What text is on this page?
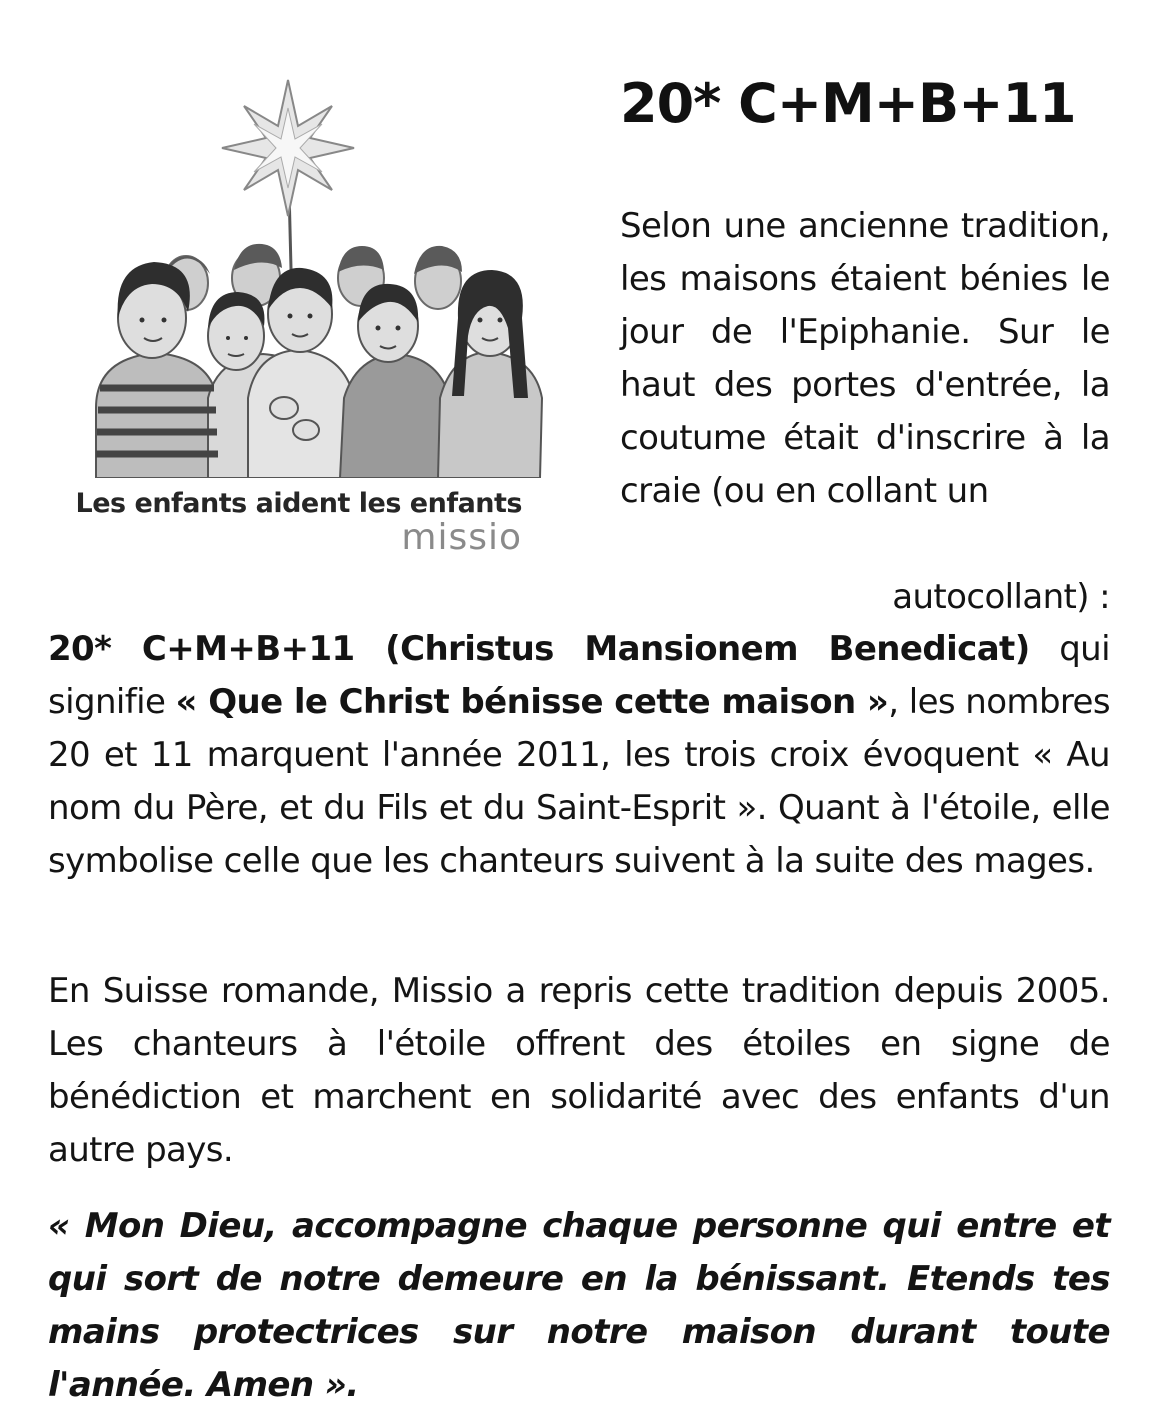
Les enfants aident les enfants
missio
20* C+M+B+11

Selon une ancienne tradition, les maisons étaient bénies le jour de l'Epiphanie. Sur le haut des portes d'entrée, la coutume était d'inscrire à la craie (ou en collant un

autocollant) :

20* C+M+B+11 (Christus Mansionem Benedicat) qui signifie « Que le Christ bénisse cette maison », les nombres 20 et 11 marquent l'année 2011, les trois croix évoquent « Au nom du Père, et du Fils et du Saint-Esprit ». Quant à l'étoile, elle symbolise celle que les chanteurs suivent à la suite des mages.

En Suisse romande, Missio a repris cette tradition depuis 2005. Les chanteurs à l'étoile offrent des étoiles en signe de bénédiction et marchent en solidarité avec des enfants d'un autre pays.

« Mon Dieu, accompagne chaque personne qui entre et qui sort de notre demeure en la bénissant. Etends tes mains protectrices sur notre maison durant toute l'année. Amen ».
